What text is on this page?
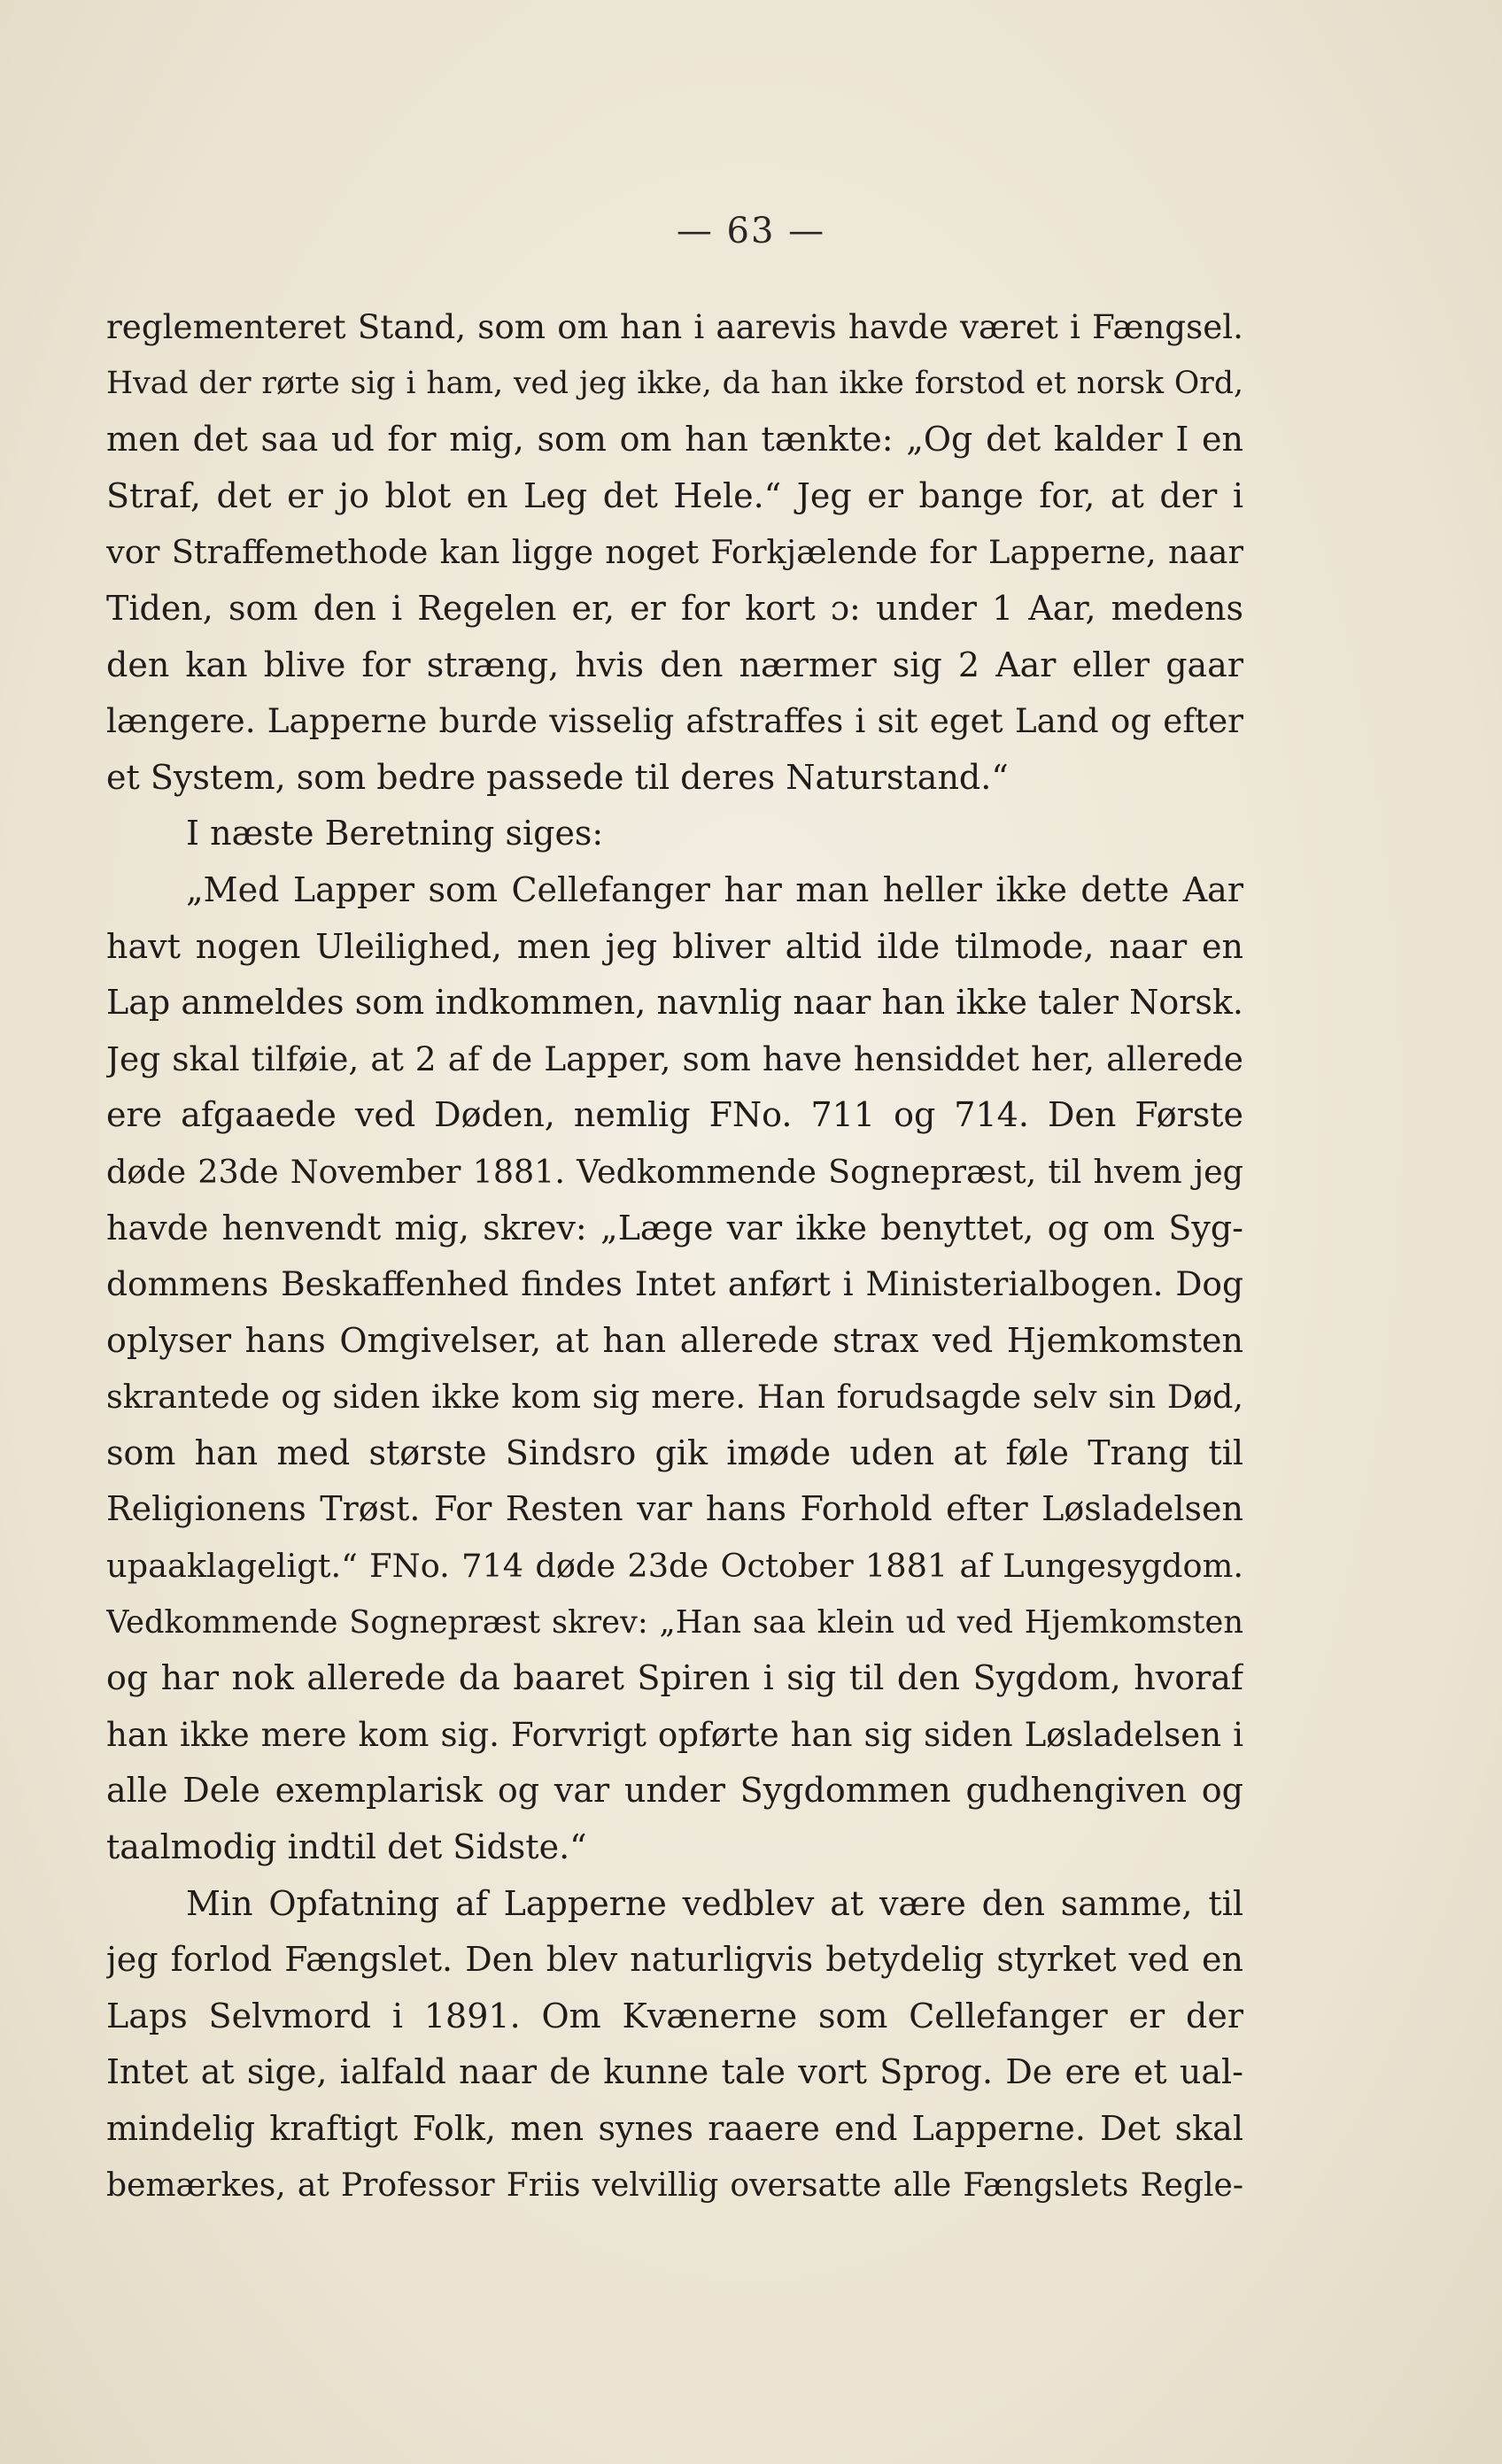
— 63 —
reglementeret Stand, som om han i aarevis havde været i Fængsel.
Hvad der rørte sig i ham, ved jeg ikke, da han ikke forstod et norsk Ord,
men det saa ud for mig, som om han tænkte: „Og det kalder I en
Straf, det er jo blot en Leg det Hele.“ Jeg er bange for, at der i
vor Straffemethode kan ligge noget Forkjælende for Lapperne, naar
Tiden, som den i Regelen er, er for kort ɔ: under 1 Aar, medens
den kan blive for stræng, hvis den nærmer sig 2 Aar eller gaar
længere. Lapperne burde visselig afstraffes i sit eget Land og efter
et System, som bedre passede til deres Naturstand.“
I næste Beretning siges:
„Med Lapper som Cellefanger har man heller ikke dette Aar
havt nogen Uleilighed, men jeg bliver altid ilde tilmode, naar en
Lap anmeldes som indkommen, navnlig naar han ikke taler Norsk.
Jeg skal tilføie, at 2 af de Lapper, som have hensiddet her, allerede
ere afgaaede ved Døden, nemlig FNo. 711 og 714. Den Første
døde 23de November 1881. Vedkommende Sognepræst, til hvem jeg
havde henvendt mig, skrev: „Læge var ikke benyttet, og om Syg-
dommens Beskaffenhed findes Intet anført i Ministerialbogen. Dog
oplyser hans Omgivelser, at han allerede strax ved Hjemkomsten
skrantede og siden ikke kom sig mere. Han forudsagde selv sin Død,
som han med største Sindsro gik imøde uden at føle Trang til
Religionens Trøst. For Resten var hans Forhold efter Løsladelsen
upaaklageligt.“ FNo. 714 døde 23de October 1881 af Lungesygdom.
Vedkommende Sognepræst skrev: „Han saa klein ud ved Hjemkomsten
og har nok allerede da baaret Spiren i sig til den Sygdom, hvoraf
han ikke mere kom sig. Forvrigt opførte han sig siden Løsladelsen i
alle Dele exemplarisk og var under Sygdommen gudhengiven og
taalmodig indtil det Sidste.“
Min Opfatning af Lapperne vedblev at være den samme, til
jeg forlod Fængslet. Den blev naturligvis betydelig styrket ved en
Laps Selvmord i 1891. Om Kvænerne som Cellefanger er der
Intet at sige, ialfald naar de kunne tale vort Sprog. De ere et ual-
mindelig kraftigt Folk, men synes raaere end Lapperne. Det skal
bemærkes, at Professor Friis velvillig oversatte alle Fængslets Regle-
